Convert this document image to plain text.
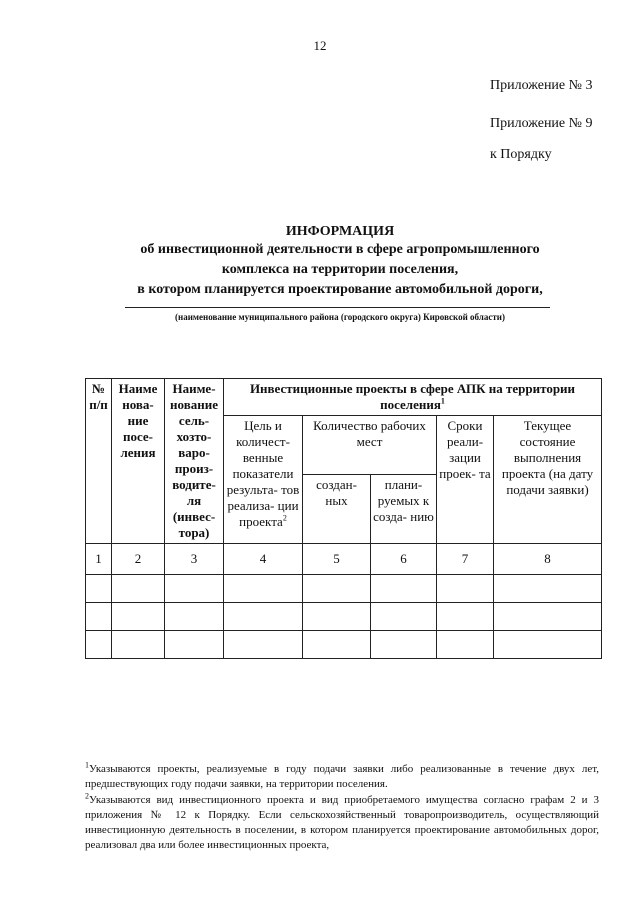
12
Приложение № 3
Приложение № 9
к Порядку
ИНФОРМАЦИЯ
об инвестиционной деятельности в сфере агропромышленного
комплекса на территории поселения,
в котором планируется проектирование автомобильной дороги,
(наименование муниципального района (городского округа) Кировской области)
№ п/п	Наиме нова- ние посе- ления	Наиме- нование сель- хозто- варо- произ- водите- ля (инвес- тора)	Инвестиционные проекты в сфере АПК на территории поселения$^1$
			Цель и количест- венные показатели результа- тов реализа- ции проекта$^2$	Количество рабочих мест		Сроки реали- зации проек- та	Текущее состояние выполнения проекта (на дату подачи заявки)
				создан- ных	плани- руемых к созда- нию		
1	2	3	4	5	6	7	8

$^1$Указываются проекты, реализуемые в году подачи заявки либо реализованные в течение двух лет, предшествующих году подачи заявки, на территории поселения.
$^2$Указываются вид инвестиционного проекта и вид приобретаемого имущества согласно графам 2 и 3 приложения № 12 к Порядку. Если сельскохозяйственный товаропроизводитель, осуществляющий инвестиционную деятельность в поселении, в котором планируется проектирование автомобильных дорог, реализовал два или более инвестиционных проекта,
